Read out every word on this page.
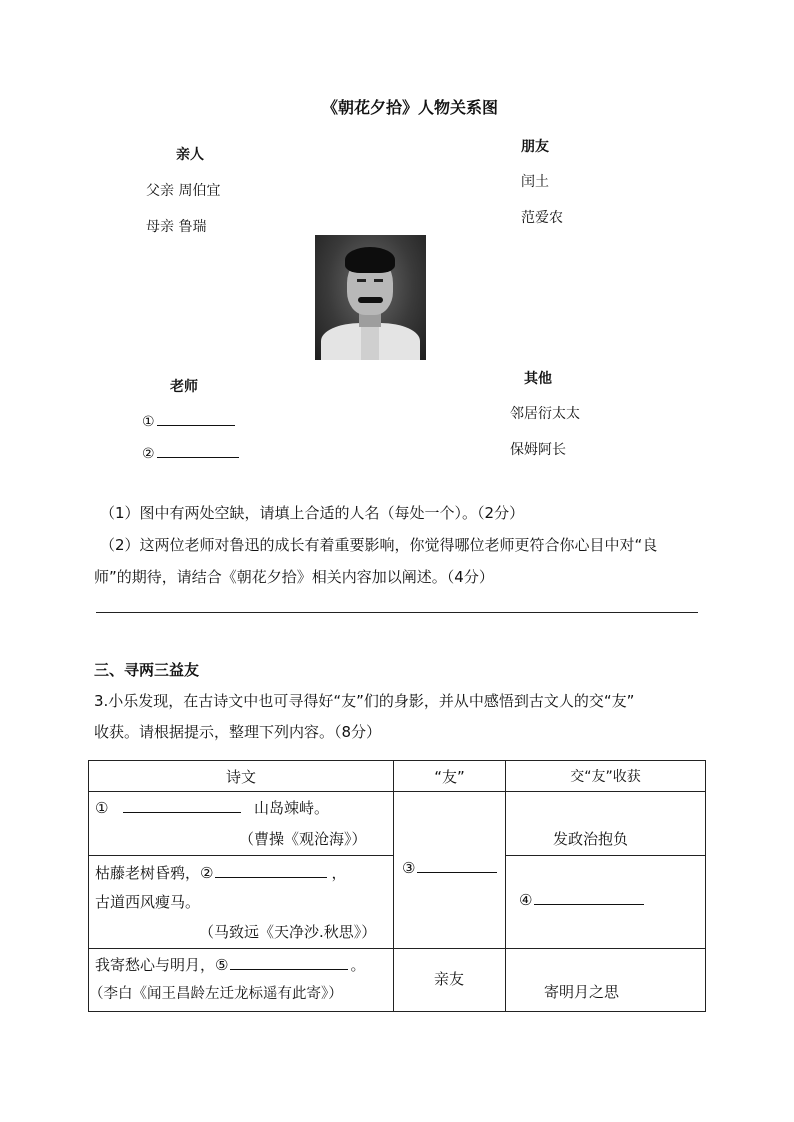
《朝花夕拾》人物关系图
亲人
父亲 周伯宜
母亲 鲁瑞
朋友
闰土
范爱农
老师
①
②
其他
邻居衍太太
保姆阿长
（1）图中有两处空缺，请填上合适的人名（每处一个）。（2分）
（2）这两位老师对鲁迅的成长有着重要影响，你觉得哪位老师更符合你心目中对“良
师”的期待，请结合《朝花夕拾》相关内容加以阐述。（4分）
三、寻两三益友
3.小乐发现，在古诗文中也可寻得好“友”们的身影，并从中感悟到古文人的交“友”
收获。请根据提示，整理下列内容。（8分）
诗文	“友”	交“友”收获

① 山岛竦峙。
（曹操《观沧海》）	③	发政治抱负

枯藤老树昏鸦，② ，
古道西风瘦马。
（马致远《天净沙.秋思》）		④

我寄愁心与明月，⑤ 。
（李白《闻王昌龄左迁龙标遥有此寄》）	亲友	寄明月之思
